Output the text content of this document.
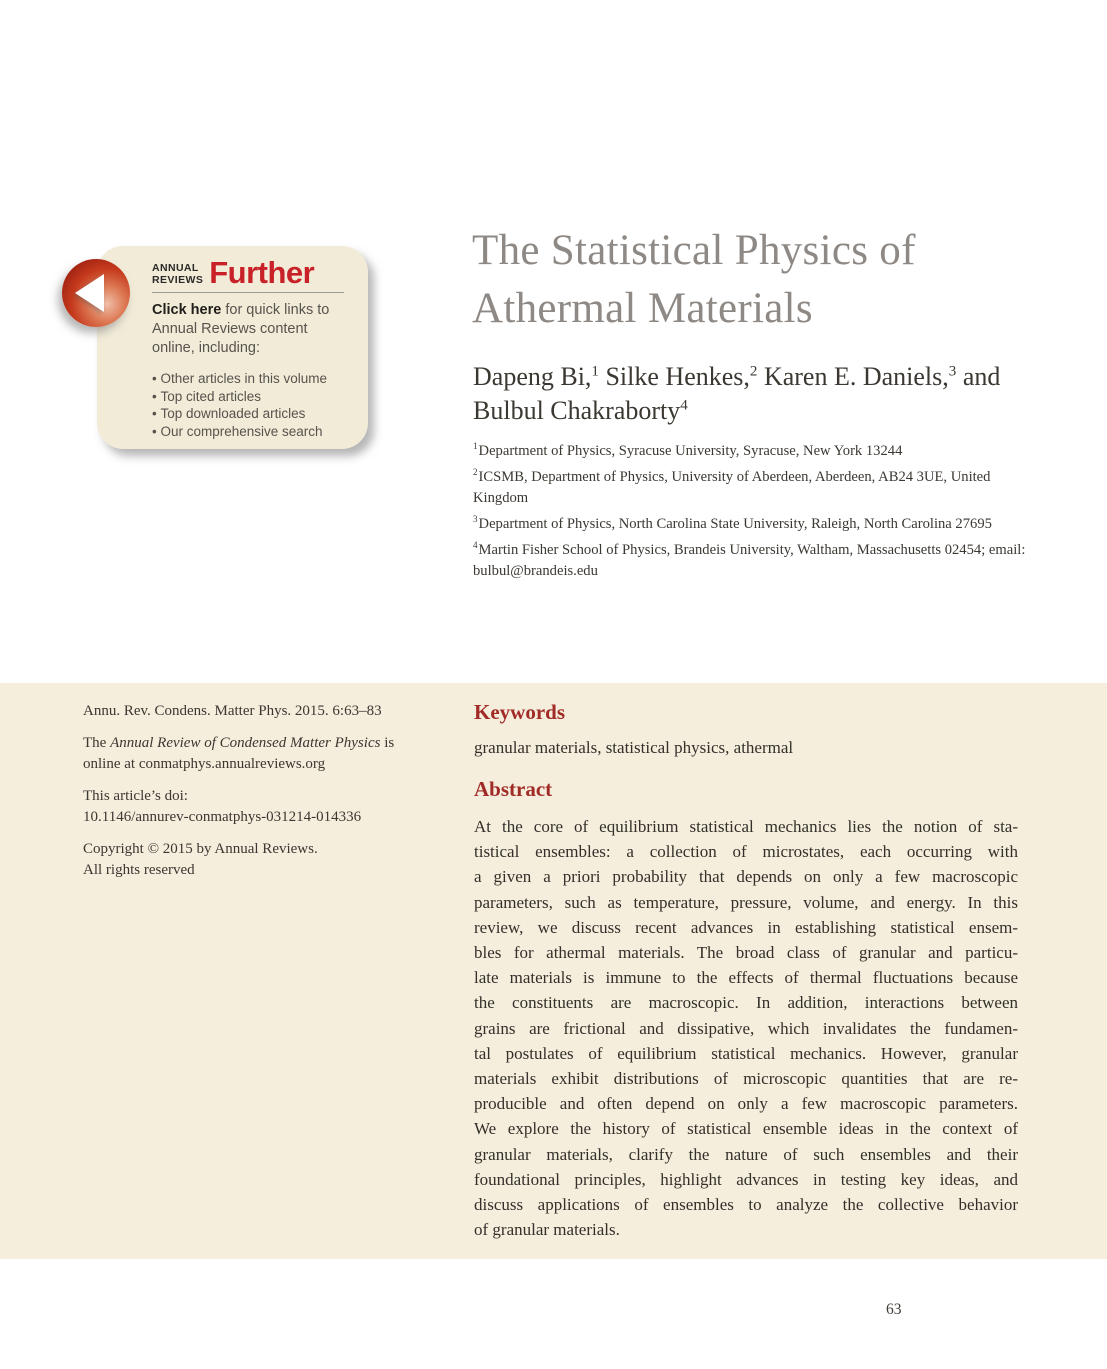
ANNUAL
REVIEWS Further

Click here for quick links to Annual Reviews content online, including:

• Other articles in this volume
• Top cited articles
• Top downloaded articles
• Our comprehensive search
The Statistical Physics of
Athermal Materials

Dapeng Bi,$^1$ Silke Henkes,$^2$ Karen E. Daniels,$^3$ and Bulbul Chakraborty$^4$

$^1$Department of Physics, Syracuse University, Syracuse, New York 13244

$^2$ICSMB, Department of Physics, University of Aberdeen, Aberdeen, AB24 3UE, United Kingdom

$^3$Department of Physics, North Carolina State University, Raleigh, North Carolina 27695

$^4$Martin Fisher School of Physics, Brandeis University, Waltham, Massachusetts 02454; email: bulbul@brandeis.edu

Annu. Rev. Condens. Matter Phys. 2015. 6:63–83

The Annual Review of Condensed Matter Physics is online at conmatphys.annualreviews.org

This article’s doi:
10.1146/annurev-conmatphys-031214-014336

Copyright © 2015 by Annual Reviews.
All rights reserved

Keywords

granular materials, statistical physics, athermal

Abstract
At the core of equilibrium statistical mechanics lies the notion of sta-
tistical ensembles: a collection of microstates, each occurring with
a given a priori probability that depends on only a few macroscopic
parameters, such as temperature, pressure, volume, and energy. In this
review, we discuss recent advances in establishing statistical ensem-
bles for athermal materials. The broad class of granular and particu-
late materials is immune to the effects of thermal fluctuations because
the constituents are macroscopic. In addition, interactions between
grains are frictional and dissipative, which invalidates the fundamen-
tal postulates of equilibrium statistical mechanics. However, granular
materials exhibit distributions of microscopic quantities that are re-
producible and often depend on only a few macroscopic parameters.
We explore the history of statistical ensemble ideas in the context of
granular materials, clarify the nature of such ensembles and their
foundational principles, highlight advances in testing key ideas, and
discuss applications of ensembles to analyze the collective behavior
of granular materials.
63
